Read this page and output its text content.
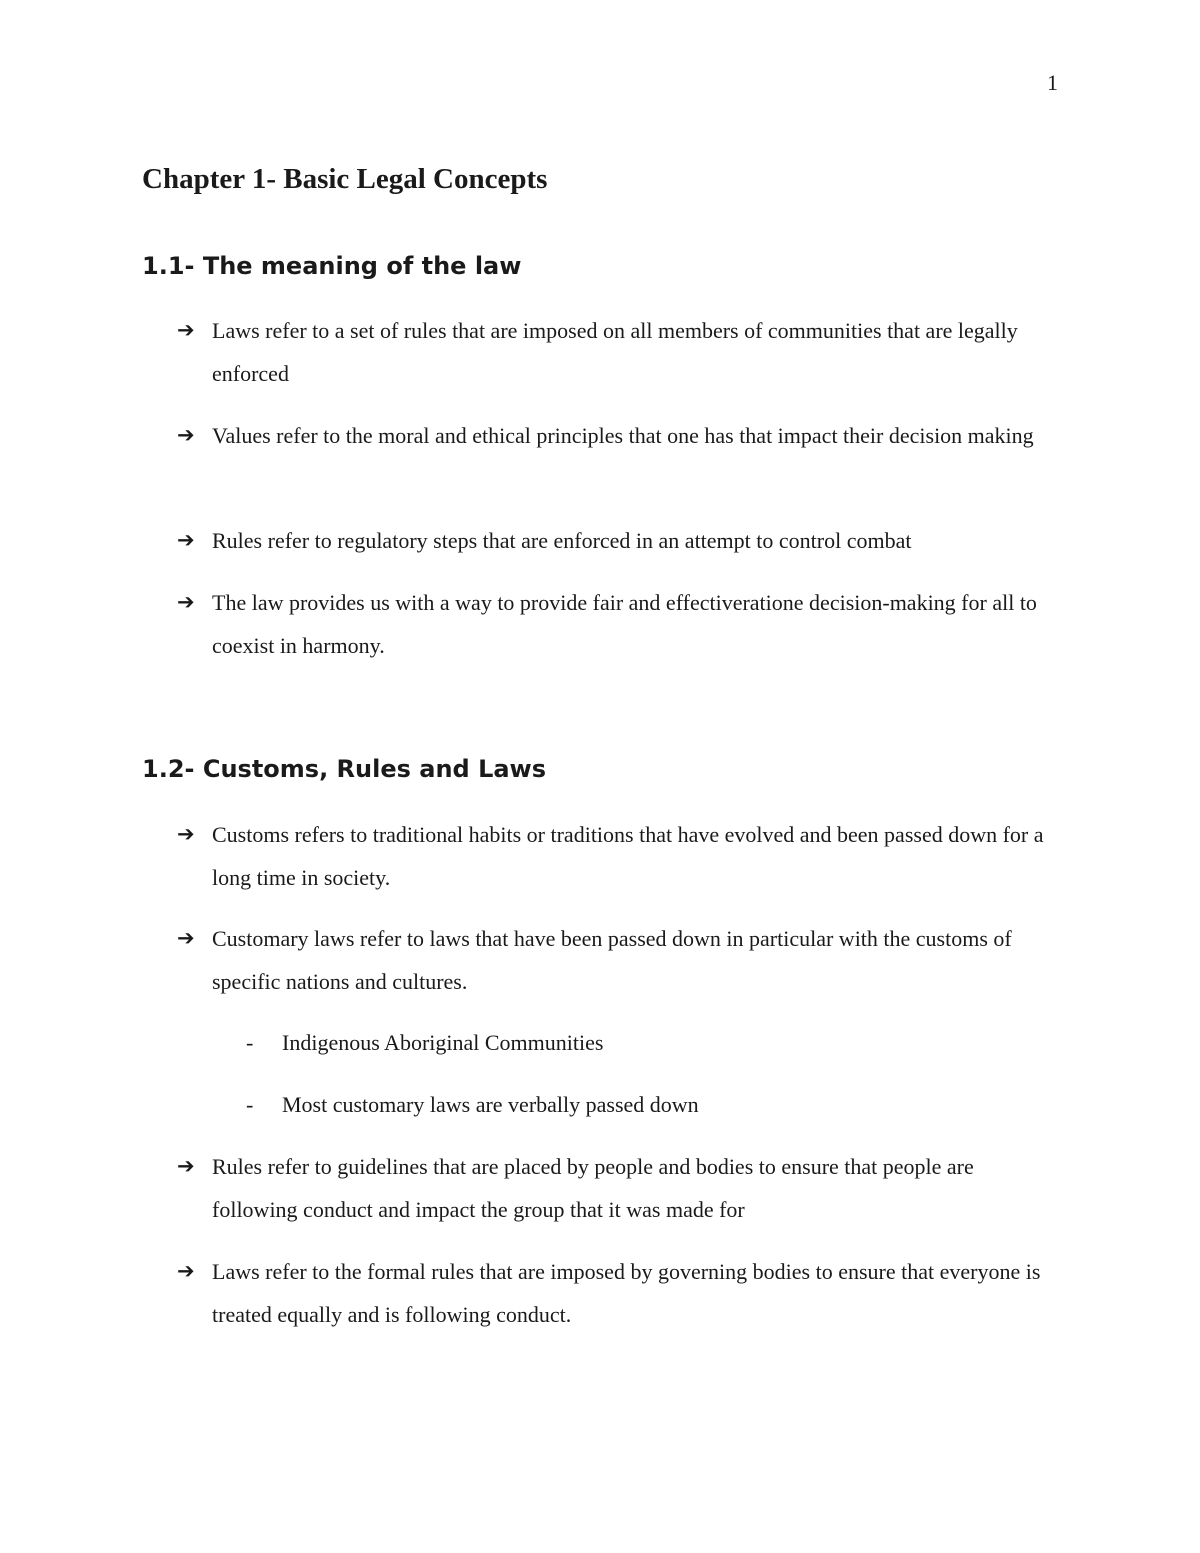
1
Chapter 1- Basic Legal Concepts
1.1- The meaning of the law
➔ Laws refer to a set of rules that are imposed on all members of communities that are legally enforced
➔ Values refer to the moral and ethical principles that one has that impact their decision making
➔ Rules refer to regulatory steps that are enforced in an attempt to control combat
➔ The law provides us with a way to provide fair and effectiveratione decision-making for all to coexist in harmony.
1.2- Customs, Rules and Laws
➔ Customs refers to traditional habits or traditions that have evolved and been passed down for a long time in society.
➔ Customary laws refer to laws that have been passed down in particular with the customs of specific nations and cultures.
-	Indigenous Aboriginal Communities
-	Most customary laws are verbally passed down
➔ Rules refer to guidelines that are placed by people and bodies to ensure that people are following conduct and impact the group that it was made for
➔ Laws refer to the formal rules that are imposed by governing bodies to ensure that everyone is treated equally and is following conduct.
